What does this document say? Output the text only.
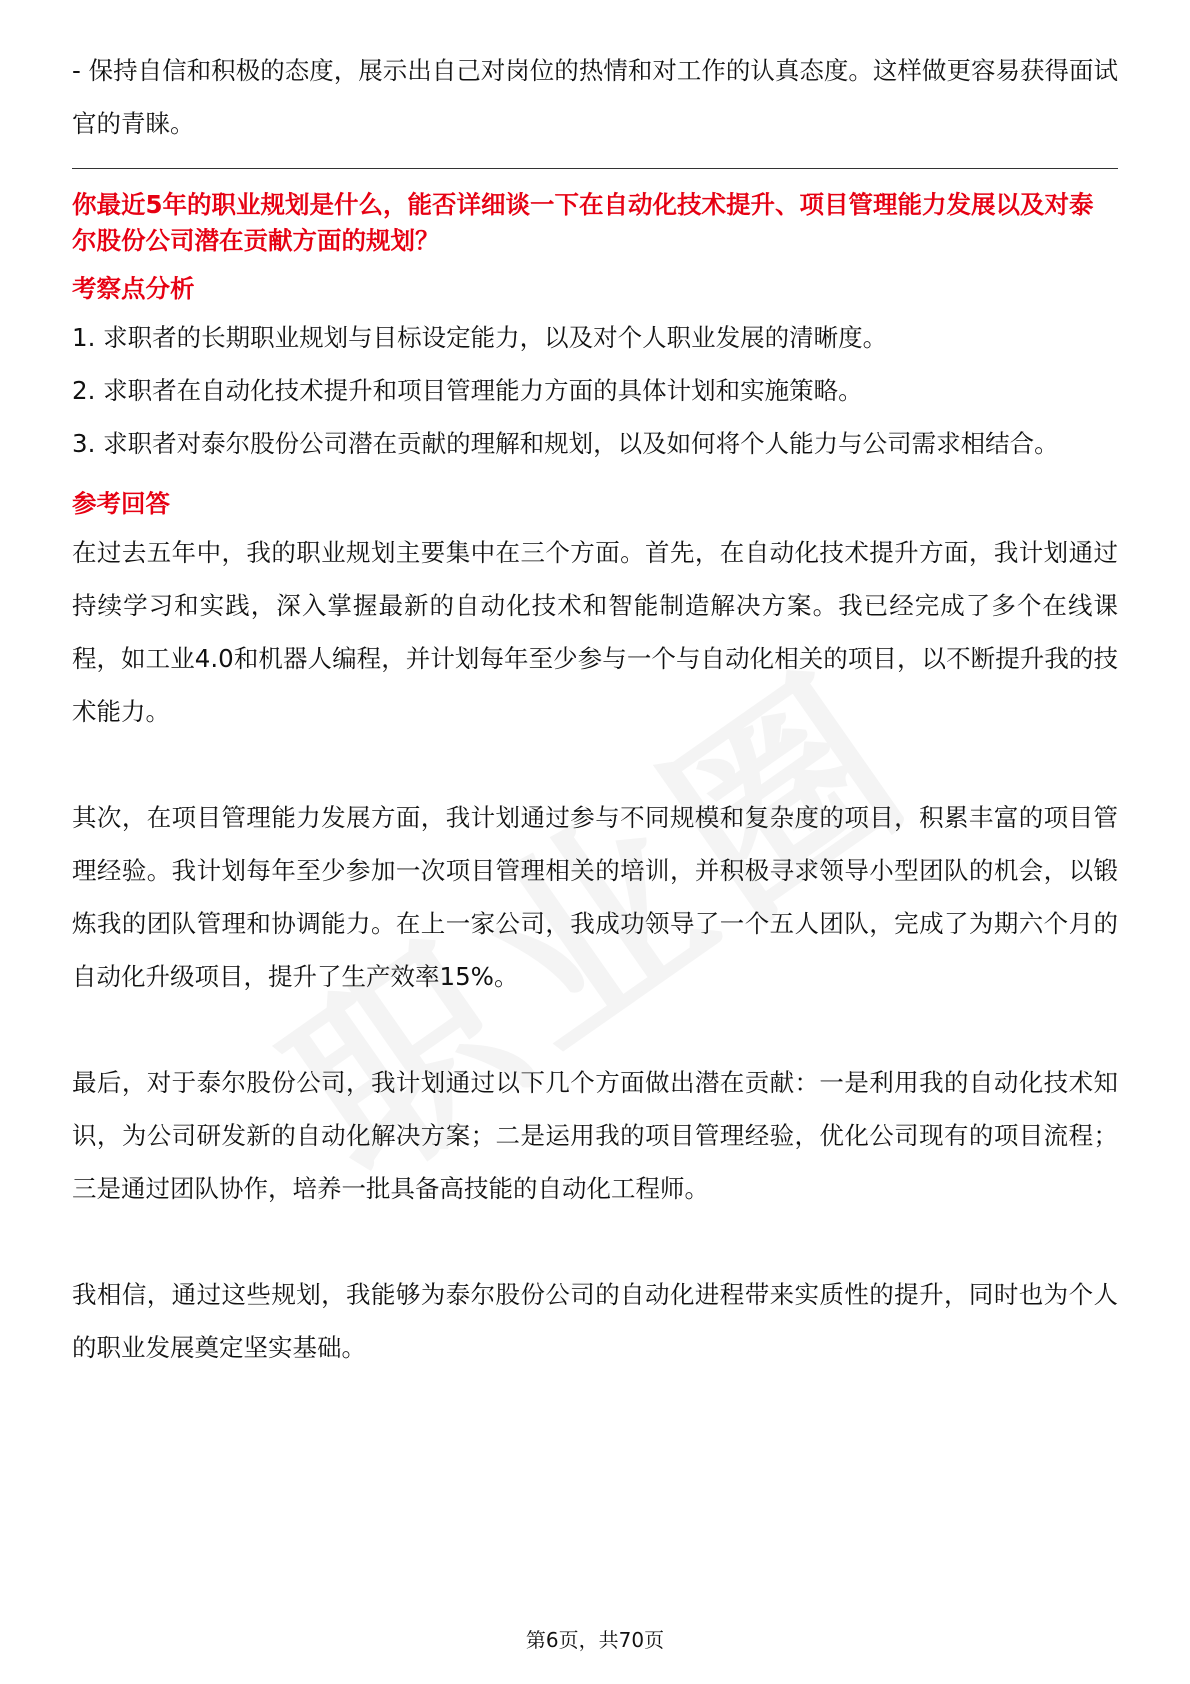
- 保持自信和积极的态度，展示出自己对岗位的热情和对工作的认真态度。这样做更容易获得面试官的青睐。

你最近5年的职业规划是什么，能否详细谈一下在自动化技术提升、项目管理能力发展以及对泰尔股份公司潜在贡献方面的规划？

考察点分析

1. 求职者的长期职业规划与目标设定能力，以及对个人职业发展的清晰度。

2. 求职者在自动化技术提升和项目管理能力方面的具体计划和实施策略。

3. 求职者对泰尔股份公司潜在贡献的理解和规划，以及如何将个人能力与公司需求相结合。

参考回答

在过去五年中，我的职业规划主要集中在三个方面。首先，在自动化技术提升方面，我计划通过持续学习和实践，深入掌握最新的自动化技术和智能制造解决方案。我已经完成了多个在线课程，如工业4.0和机器人编程，并计划每年至少参与一个与自动化相关的项目，以不断提升我的技术能力。

其次，在项目管理能力发展方面，我计划通过参与不同规模和复杂度的项目，积累丰富的项目管理经验。我计划每年至少参加一次项目管理相关的培训，并积极寻求领导小型团队的机会，以锻炼我的团队管理和协调能力。在上一家公司，我成功领导了一个五人团队，完成了为期六个月的自动化升级项目，提升了生产效率15%。

最后，对于泰尔股份公司，我计划通过以下几个方面做出潜在贡献：一是利用我的自动化技术知识，为公司研发新的自动化解决方案；二是运用我的项目管理经验，优化公司现有的项目流程；三是通过团队协作，培养一批具备高技能的自动化工程师。

我相信，通过这些规划，我能够为泰尔股份公司的自动化进程带来实质性的提升，同时也为个人的职业发展奠定坚实基础。

第6页，共70页
